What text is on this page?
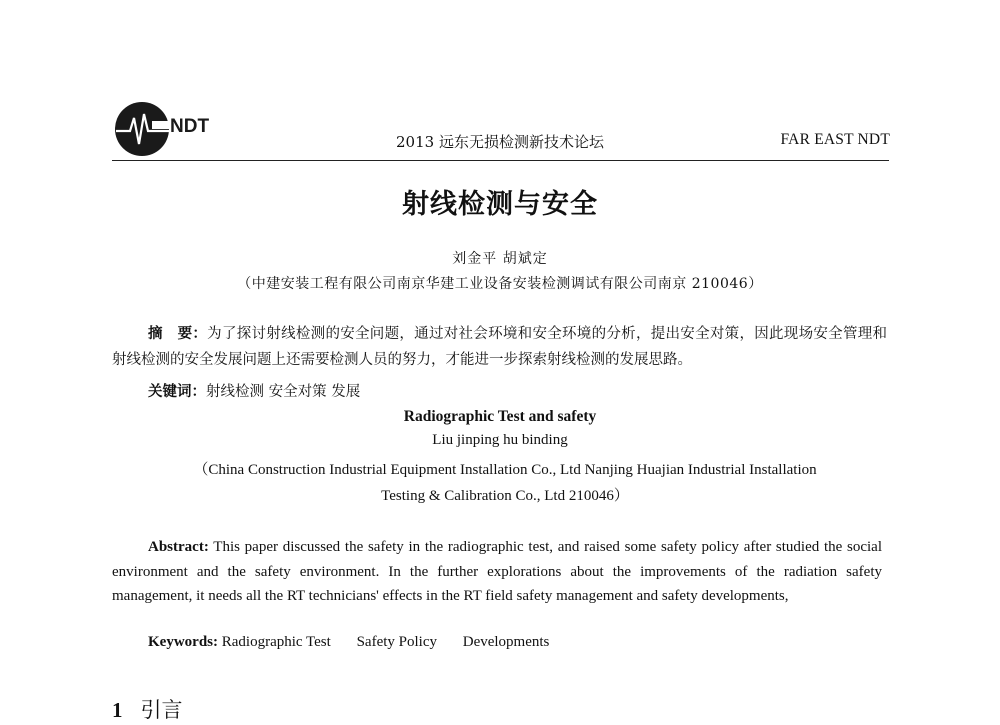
NDT
2013 远东无损检测新技术论坛	FAR EAST NDT
射线检测与安全
刘金平 胡斌定
（中建安装工程有限公司南京华建工业设备安装检测调试有限公司南京 210046）
摘　要：为了探讨射线检测的安全问题，通过对社会环境和安全环境的分析，提出安全对策，因此现场安全管理和射线检测的安全发展问题上还需要检测人员的努力，才能进一步探索射线检测的发展思路。
关键词：射线检测 安全对策 发展
Radiographic Test and safety
Liu jinping hu binding
（China Construction Industrial Equipment Installation Co., Ltd Nanjing Huajian Industrial Installation
Testing & Calibration Co., Ltd 210046）
Abstract: This paper discussed the safety in the radiographic test, and raised some safety policy after studied the social environment and the safety environment. In the further explorations about the improvements of the radiation safety management, it needs all the RT technicians' effects in the RT field safety management and safety developments,
Keywords: Radiographic Test Safety Policy Developments
1 引言
